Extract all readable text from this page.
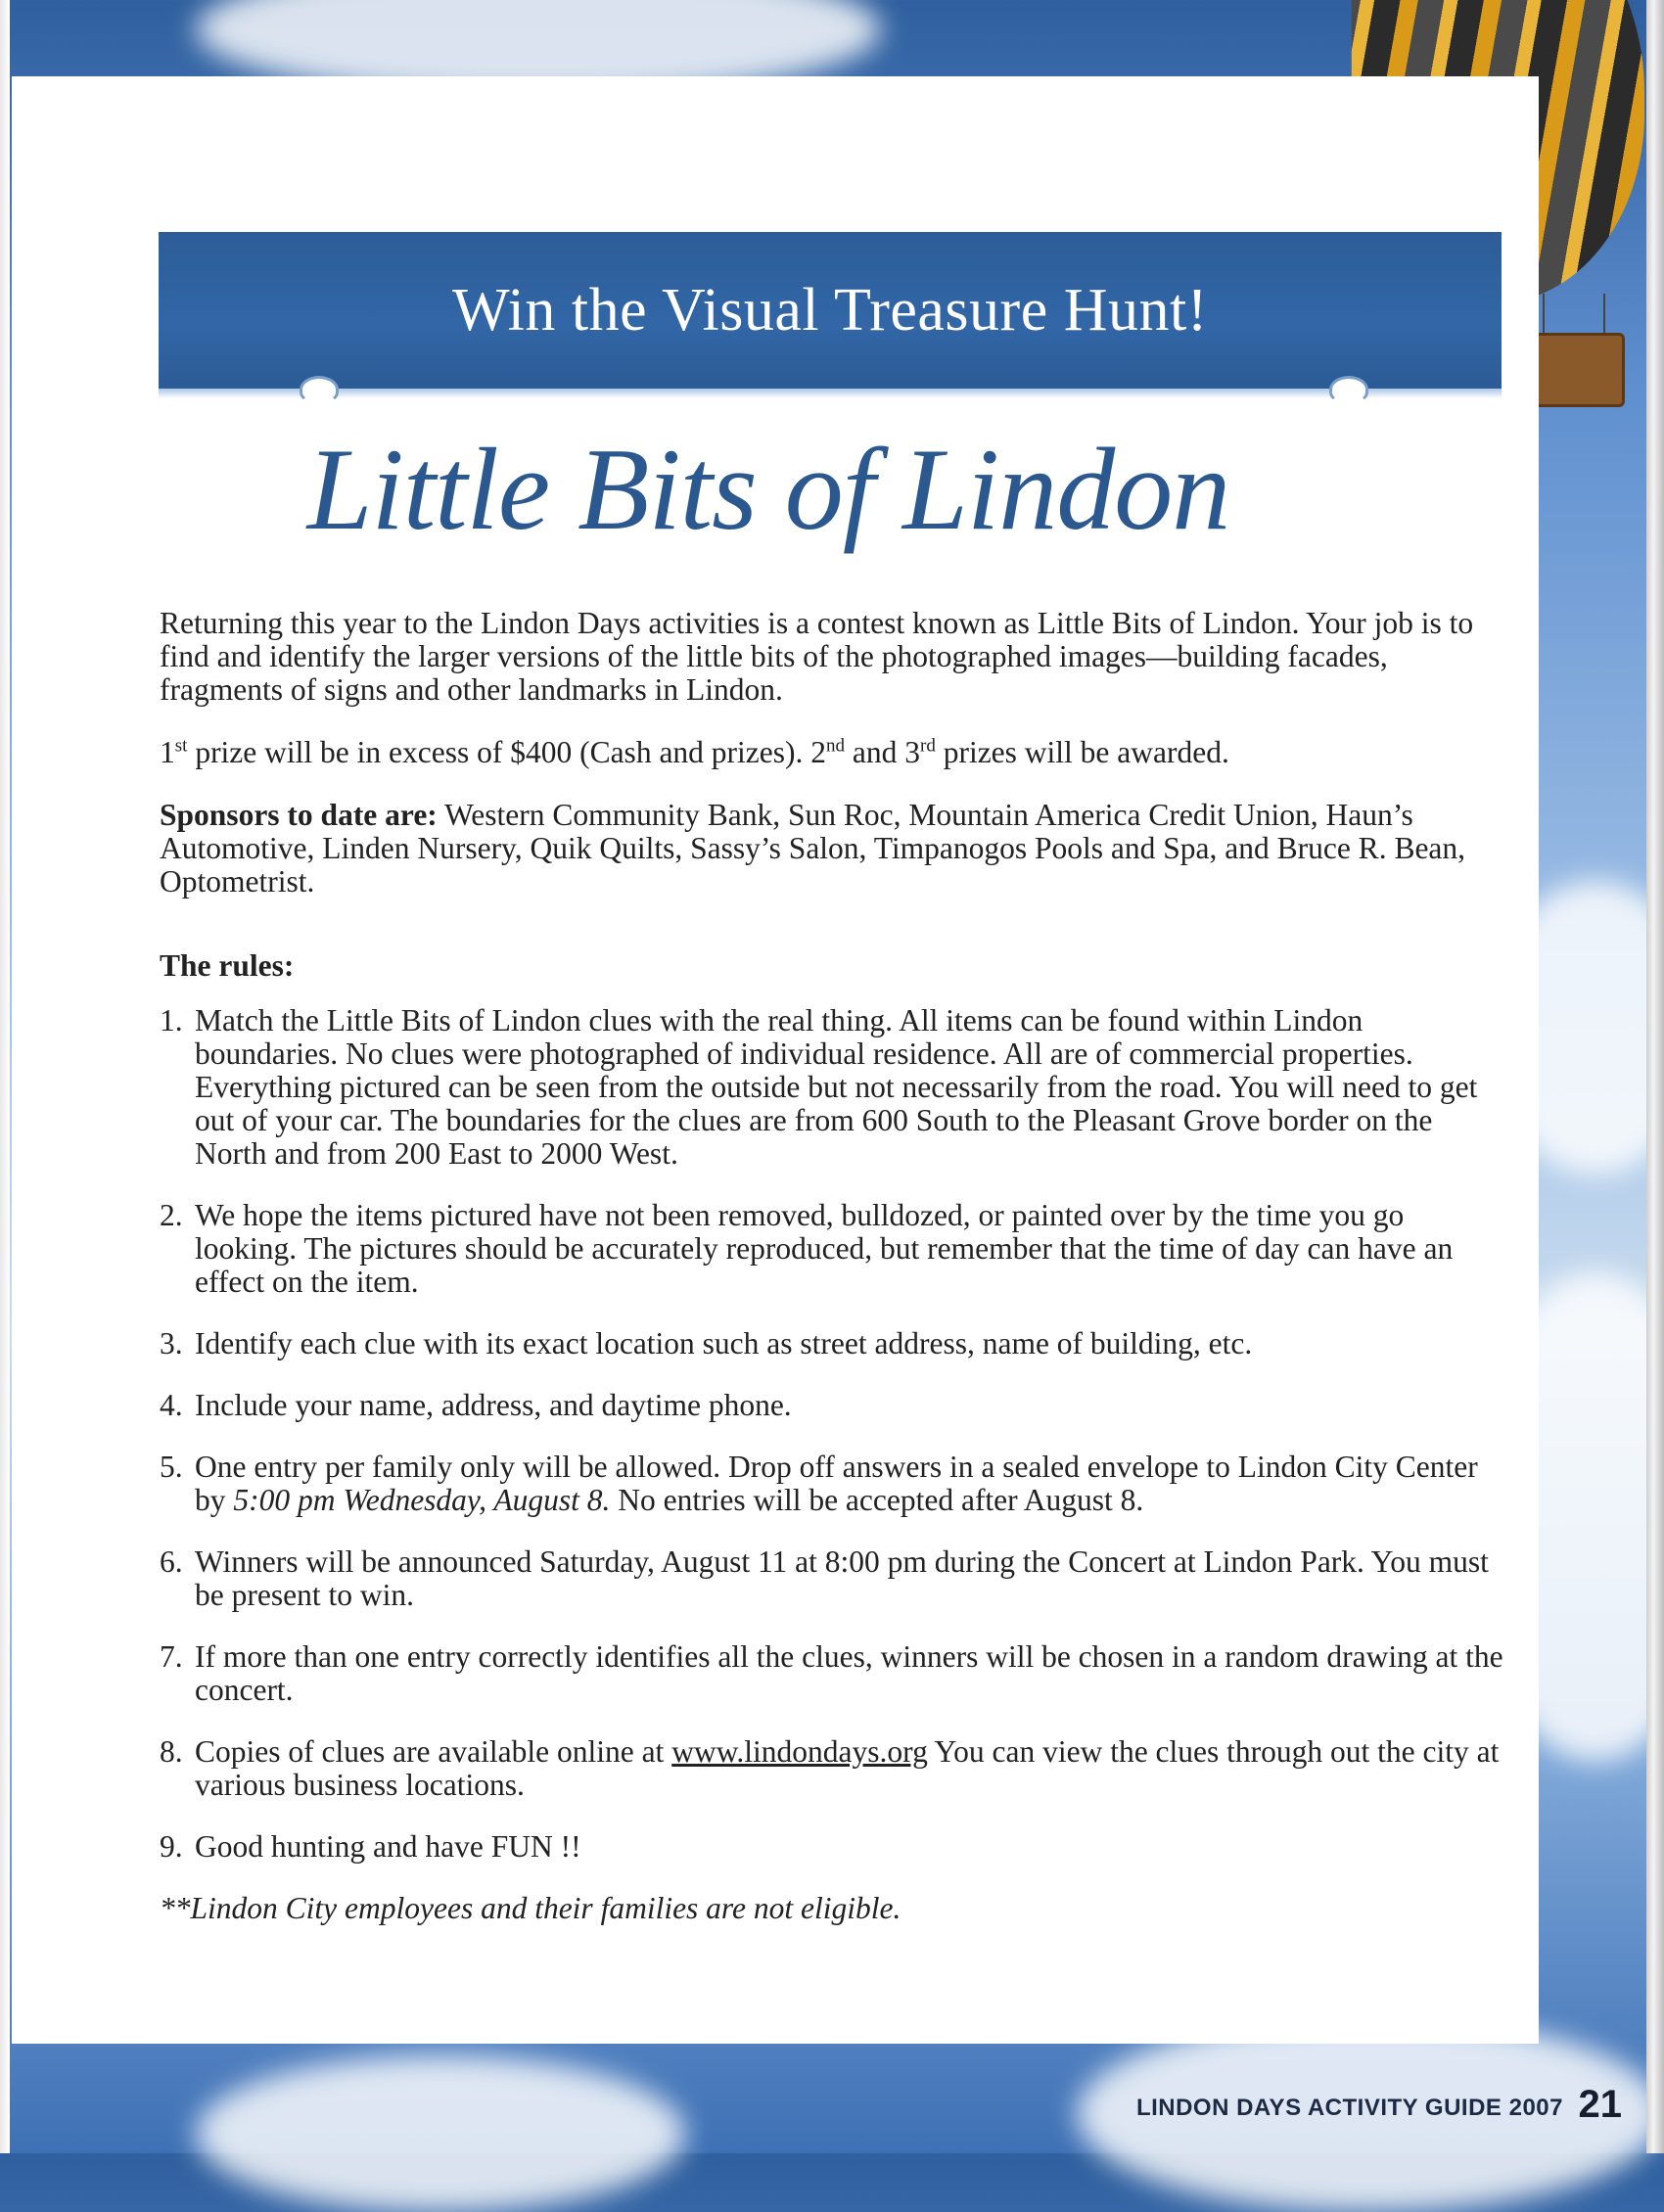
Win the Visual Treasure Hunt!
Little Bits of Lindon

Returning this year to the Lindon Days activities is a contest known as Little Bits of Lindon. Your job is to find and identify the larger versions of the little bits of the photographed images—building facades, fragments of signs and other landmarks in Lindon.

1st prize will be in excess of $400 (Cash and prizes). 2nd and 3rd prizes will be awarded.

Sponsors to date are: Western Community Bank, Sun Roc, Mountain America Credit Union, Haun’s Automotive, Linden Nursery, Quik Quilts, Sassy’s Salon, Timpanogos Pools and Spa, and Bruce R. Bean, Optometrist.

The rules:

1. Match the Little Bits of Lindon clues with the real thing. All items can be found within Lindon boundaries. No clues were photographed of individual residence. All are of commercial properties. Everything pictured can be seen from the outside but not necessarily from the road. You will need to get out of your car. The boundaries for the clues are from 600 South to the Pleasant Grove border on the North and from 200 East to 2000 West.
2. We hope the items pictured have not been removed, bulldozed, or painted over by the time you go looking. The pictures should be accurately reproduced, but remember that the time of day can have an effect on the item.
3. Identify each clue with its exact location such as street address, name of building, etc.
4. Include your name, address, and daytime phone.
5. One entry per family only will be allowed. Drop off answers in a sealed envelope to Lindon City Center by 5:00 pm Wednesday, August 8. No entries will be accepted after August 8.
6. Winners will be announced Saturday, August 11 at 8:00 pm during the Concert at Lindon Park. You must be present to win.
7. If more than one entry correctly identifies all the clues, winners will be chosen in a random drawing at the concert.
8. Copies of clues are available online at www.lindondays.org You can view the clues through out the city at various business locations.
9. Good hunting and have FUN !!

**Lindon City employees and their families are not eligible.

LINDON DAYS ACTIVITY GUIDE 2007 21
